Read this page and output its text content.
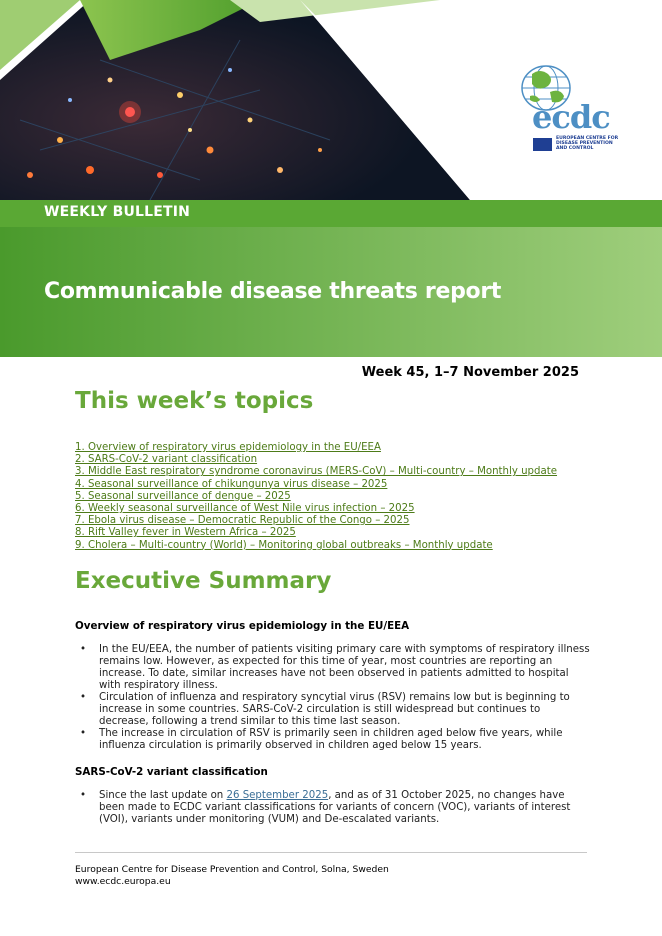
WEEKLY BULLETIN
Communicable disease threats report
ecdc
EUROPEAN CENTRE FOR
DISEASE PREVENTION
AND CONTROL
Week 45, 1–7 November 2025
This week’s topics
1. Overview of respiratory virus epidemiology in the EU/EEA
2. SARS-CoV-2 variant classification
3. Middle East respiratory syndrome coronavirus (MERS-CoV) – Multi-country – Monthly update
4. Seasonal surveillance of chikungunya virus disease – 2025
5. Seasonal surveillance of dengue – 2025
6. Weekly seasonal surveillance of West Nile virus infection – 2025
7. Ebola virus disease – Democratic Republic of the Congo – 2025
8. Rift Valley fever in Western Africa – 2025
9. Cholera – Multi-country (World) – Monitoring global outbreaks – Monthly update
Executive Summary
Overview of respiratory virus epidemiology in the EU/EEA
• In the EU/EEA, the number of patients visiting primary care with symptoms of respiratory illness remains low. However, as expected for this time of year, most countries are reporting an increase. To date, similar increases have not been observed in patients admitted to hospital with respiratory illness.
• Circulation of influenza and respiratory syncytial virus (RSV) remains low but is beginning to increase in some countries. SARS-CoV-2 circulation is still widespread but continues to decrease, following a trend similar to this time last season.
• The increase in circulation of RSV is primarily seen in children aged below five years, while influenza circulation is primarily observed in children aged below 15 years.
SARS-CoV-2 variant classification
• Since the last update on 26 September 2025, and as of 31 October 2025, no changes have been made to ECDC variant classifications for variants of concern (VOC), variants of interest (VOI), variants under monitoring (VUM) and De-escalated variants.
European Centre for Disease Prevention and Control, Solna, Sweden
www.ecdc.europa.eu
